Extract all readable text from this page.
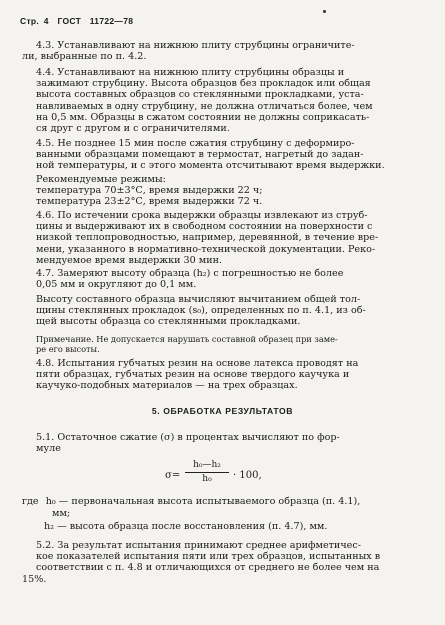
Стр. 4 ГОСТ 11722—78

4.3. Устанавливают на нижнюю плиту струбцины ограничите-
ли, выбранные по п. 4.2.

4.4. Устанавливают на нижнюю плиту струбцины образцы и
зажимают струбцину. Высота образцов без прокладок или общая
высота составных образцов со стеклянными прокладками, уста-
навливаемых в одну струбцину, не должна отличаться более, чем
на 0,5 мм. Образцы в сжатом состоянии не должны соприкасать-
ся друг с другом и с ограничителями.

4.5. Не позднее 15 мин после сжатия струбцину с деформиро-
ванными образцами помещают в термостат, нагретый до задан-
ной температуры, и с этого момента отсчитывают время выдержки.

Рекомендуемые режимы:
температура 70±3°С, время выдержки 22 ч;
температура 23±2°С, время выдержки 72 ч.

4.6. По истечении срока выдержки образцы извлекают из струб-
цины и выдерживают их в свободном состоянии на поверхности с
низкой теплопроводностью, например, деревянной, в течение вре-
мени, указанного в нормативно-технической документации. Реко-
мендуемое время выдержки 30 мин.

4.7. Замеряют высоту образца (h₂) с погрешностью не более
0,05 мм и округляют до 0,1 мм.

Высоту составного образца вычисляют вычитанием общей тол-
щины стеклянных прокладок (s₀), определенных по п. 4.1, из об-
щей высоты образца со стеклянными прокладками.

Примечание. Не допускается нарушать составной образец при заме-
ре его высоты.

4.8. Испытания губчатых резин на основе латекса проводят на
пяти образцах, губчатых резин на основе твердого каучука и
каучуко-подобных материалов — на трех образцах.

5. ОБРАБОТКА РЕЗУЛЬТАТОВ

5.1. Остаточное сжатие (σ) в процентах вычисляют по фор-
муле

σ=
h₀—h₂
h₀	· 100,
где h₀ — первоначальная высота испытываемого образца (п. 4.1),
мм;
h₂ — высота образца после восстановления (п. 4.7), мм.

5.2. За результат испытания принимают среднее арифметичес-
кое показателей испытания пяти или трех образцов, испытанных в
соответствии с п. 4.8 и отличающихся от среднего не более чем на
15%.
